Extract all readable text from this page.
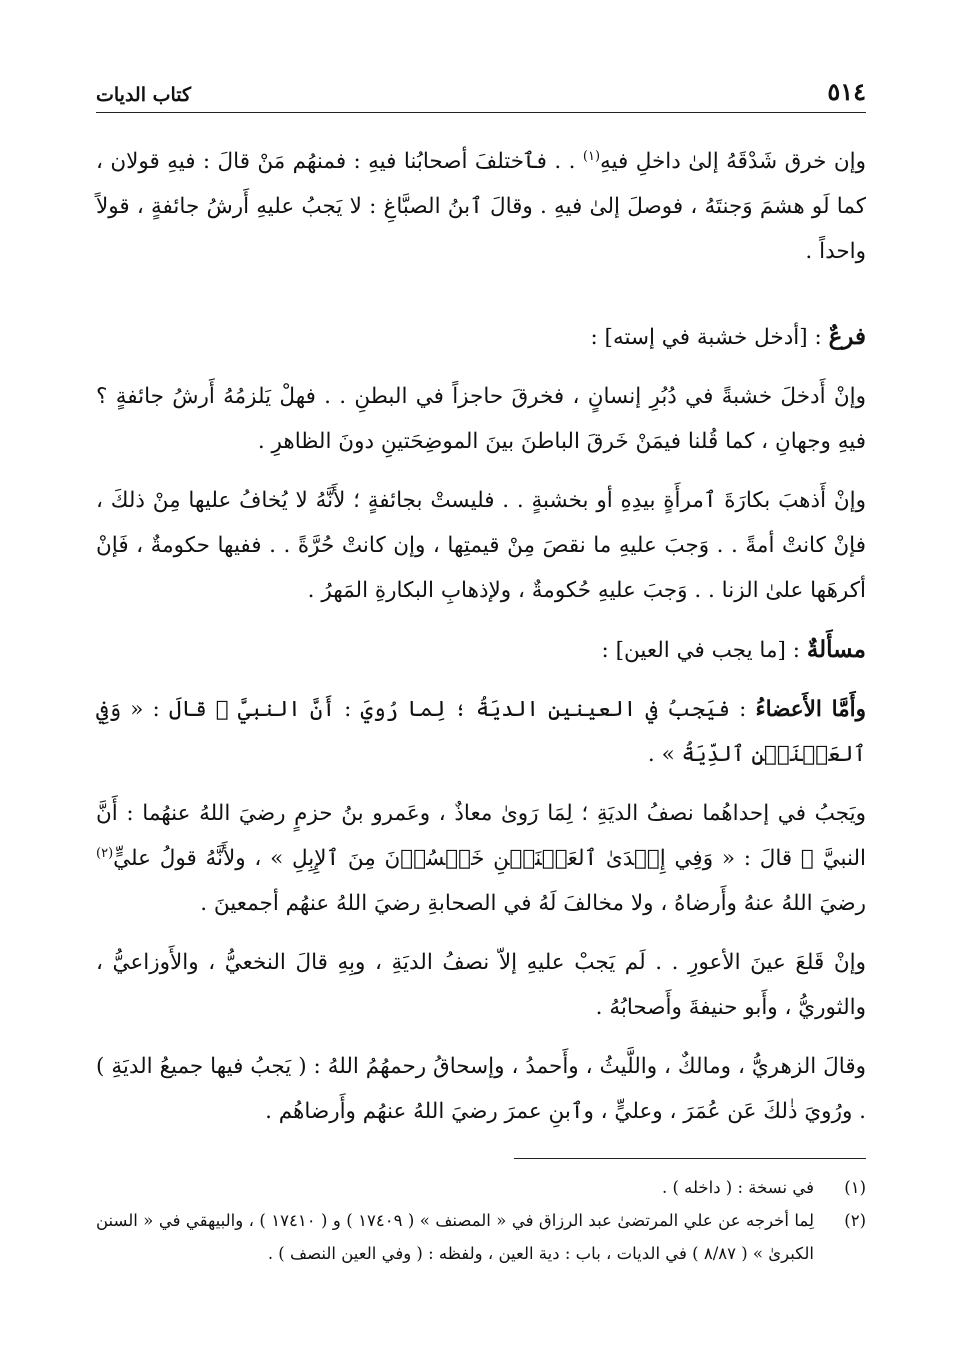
٥١٤
كتاب الديات

وإن خرق شَدْقَهُ إلىٰ داخلِ فيهِ$^{(١)}$ . . فٱختلفَ أصحابُنا فيهِ : فمنهُم مَنْ قالَ : فيهِ قولان ، كما لَو هشمَ وَجنتَهُ ، فوصلَ إلىٰ فيهِ . وقالَ ٱبنُ الصبَّاغِ : لا يَجبُ عليهِ أَرشُ جائفةٍ ، قولاً واحداً .

فرعٌ : [أدخل خشبة في إسته] :

وإنْ أَدخلَ خشبةً في دُبُرِ إنسانٍ ، فخرقَ حاجزاً في البطنِ . . فهلْ يَلزمُهُ أَرشُ جائفةٍ ؟ فيهِ وجهانِ ، كما قُلنا فيمَنْ خَرقَ الباطنَ بينَ الموضِحَتينِ دونَ الظاهرِ .

وإنْ أَذهبَ بكارَةَ ٱمرأَةٍ بيدِهِ أو بخشبةٍ . . فليستْ بجائفةٍ ؛ لأَنَّهُ لا يُخافُ عليها مِنْ ذلكَ ، فإنْ كانتْ أمةً . . وَجبَ عليهِ ما نقصَ مِنْ قيمتِها ، وإن كانتْ حُرَّةً . . ففيها حكومةٌ ، فَإنْ أكرهَها علىٰ الزنا . . وَجبَ عليهِ حُكومةٌ ، ولإذهابِ البكارةِ المَهرُ .

مسأَلةٌ : [ما يجب في العين] :

وأَمَّا الأَعضاءُ : فيَجبُ في العينينِ الديَةُ ؛ لِما رُويَ : أَنَّ النبيَّ ﷺ قالَ : « وَفِي ٱلعَيۡنَيۡنِ ٱلدِّيَةُ » .

ويَجبُ في إحداهُما نصفُ الديَةِ ؛ لِمَا رَوىٰ معاذٌ ، وعَمرو بنُ حزمٍ رضيَ اللهُ عنهُما : أَنَّ النبيَّ ﷺ قالَ : « وَفِي إِحۡدَىٰ ٱلعَيۡنَيۡنِ خَمۡسُوۡنَ مِنَ ٱلإِبِلِ » ، ولأَنَّهُ قولُ عليٍّ$^{(٢)}$ رضيَ اللهُ عنهُ وأَرضاهُ ، ولا مخالفَ لَهُ في الصحابةِ رضيَ اللهُ عنهُم أجمعينَ .

وإنْ قَلعَ عينَ الأعورِ . . لَم يَجبْ عليهِ إلاّ نصفُ الديَةِ ، وبِهِ قالَ النخعيُّ ، والأَوزاعيُّ ، والثوريُّ ، وأَبو حنيفةَ وأَصحابُهُ .

وقالَ الزهريُّ ، ومالكٌ ، واللَّيثُ ، وأَحمدُ ، وإسحاقُ رحمهُمُ اللهُ : ( يَجبُ فيها جميعُ الديَةِ ) . ورُويَ ذٰلكَ عَن عُمَرَ ، وعليٍّ ، وٱبنِ عمرَ رضيَ اللهُ عنهُم وأَرضاهُم .

(١)
في نسخة : ( داخله ) .
(٢)
لِما أخرجه عن علي المرتضىٰ عبد الرزاق في « المصنف » ( ١٧٤٠٩ ) و ( ١٧٤١٠ ) ، والبيهقي في « السنن الكبرىٰ » ( ٨/٨٧ ) في الديات ، باب : دية العين ، ولفظه : ( وفي العين النصف ) .
